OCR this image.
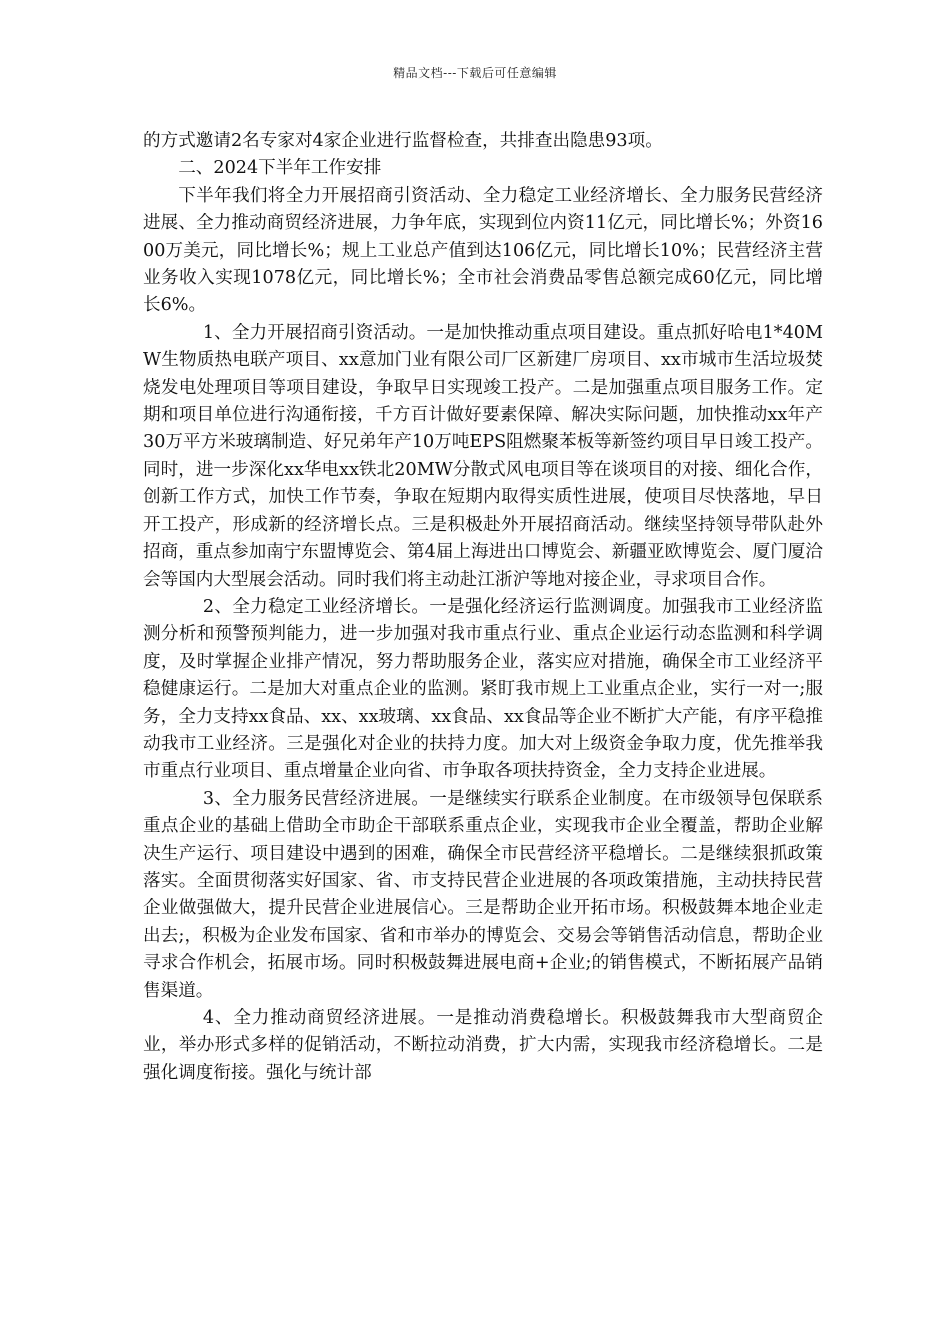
精品文档---下载后可任意编辑

的方式邀请2名专家对4家企业进行监督检查，共排查出隐患93项。

二、2024下半年工作安排

下半年我们将全力开展招商引资活动、全力稳定工业经济增长、全力服务民营经济进展、全力推动商贸经济进展，力争年底，实现到位内资11亿元，同比增长%；外资1600万美元，同比增长%；规上工业总产值到达106亿元，同比增长10%；民营经济主营业务收入实现1078亿元，同比增长%；全市社会消费品零售总额完成60亿元，同比增长6%。

1、全力开展招商引资活动。一是加快推动重点项目建设。重点抓好哈电1*40MW生物质热电联产项目、xx意加门业有限公司厂区新建厂房项目、xx市城市生活垃圾焚烧发电处理项目等项目建设，争取早日实现竣工投产。二是加强重点项目服务工作。定期和项目单位进行沟通衔接，千方百计做好要素保障、解决实际问题，加快推动xx年产30万平方米玻璃制造、好兄弟年产10万吨EPS阻燃聚苯板等新签约项目早日竣工投产。同时，进一步深化xx华电xx铁北20MW分散式风电项目等在谈项目的对接、细化合作，创新工作方式，加快工作节奏，争取在短期内取得实质性进展，使项目尽快落地，早日开工投产，形成新的经济增长点。三是积极赴外开展招商活动。继续坚持领导带队赴外招商，重点参加南宁东盟博览会、第4届上海进出口博览会、新疆亚欧博览会、厦门厦洽会等国内大型展会活动。同时我们将主动赴江浙沪等地对接企业，寻求项目合作。

2、全力稳定工业经济增长。一是强化经济运行监测调度。加强我市工业经济监测分析和预警预判能力，进一步加强对我市重点行业、重点企业运行动态监测和科学调度，及时掌握企业排产情况，努力帮助服务企业，落实应对措施，确保全市工业经济平稳健康运行。二是加大对重点企业的监测。紧盯我市规上工业重点企业，实行一对一;服务，全力支持xx食品、xx、xx玻璃、xx食品、xx食品等企业不断扩大产能，有序平稳推动我市工业经济。三是强化对企业的扶持力度。加大对上级资金争取力度，优先推举我市重点行业项目、重点增量企业向省、市争取各项扶持资金，全力支持企业进展。

3、全力服务民营经济进展。一是继续实行联系企业制度。在市级领导包保联系重点企业的基础上借助全市助企干部联系重点企业，实现我市企业全覆盖，帮助企业解决生产运行、项目建设中遇到的困难，确保全市民营经济平稳增长。二是继续狠抓政策落实。全面贯彻落实好国家、省、市支持民营企业进展的各项政策措施，主动扶持民营企业做强做大，提升民营企业进展信心。三是帮助企业开拓市场。积极鼓舞本地企业走出去;，积极为企业发布国家、省和市举办的博览会、交易会等销售活动信息，帮助企业寻求合作机会，拓展市场。同时积极鼓舞进展电商+企业;的销售模式，不断拓展产品销售渠道。

4、全力推动商贸经济进展。一是推动消费稳增长。积极鼓舞我市大型商贸企业，举办形式多样的促销活动，不断拉动消费，扩大内需，实现我市经济稳增长。二是强化调度衔接。强化与统计部
